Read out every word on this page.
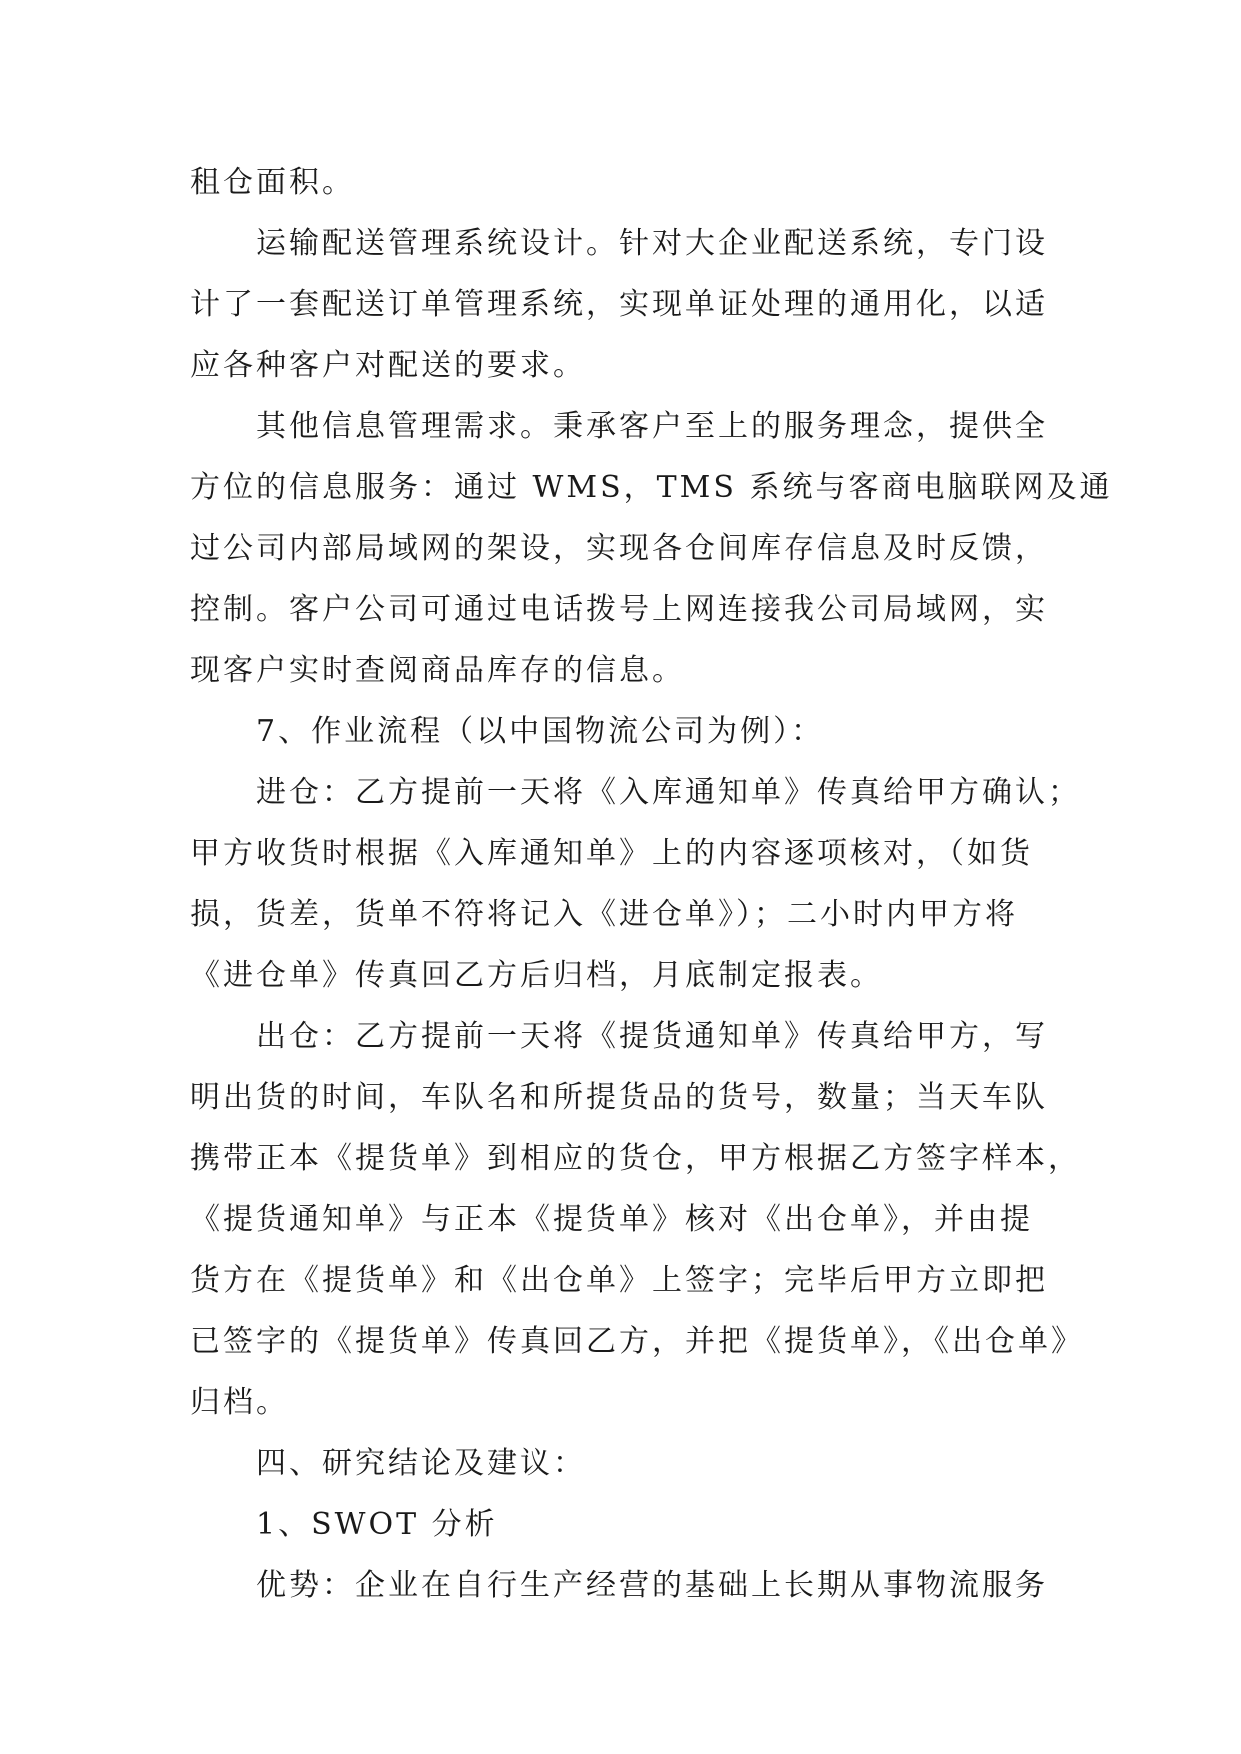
租仓面积。
运输配送管理系统设计。针对大企业配送系统，专门设
计了一套配送订单管理系统，实现单证处理的通用化，以适
应各种客户对配送的要求。
其他信息管理需求。秉承客户至上的服务理念，提供全
方位的信息服务：通过 WMS，TMS 系统与客商电脑联网及通
过公司内部局域网的架设，实现各仓间库存信息及时反馈，
控制。客户公司可通过电话拨号上网连接我公司局域网，实
现客户实时查阅商品库存的信息。
7、作业流程（以中国物流公司为例）：
进仓：乙方提前一天将《入库通知单》传真给甲方确认；
甲方收货时根据《入库通知单》上的内容逐项核对，（如货
损，货差，货单不符将记入《进仓单》）；二小时内甲方将
《进仓单》传真回乙方后归档，月底制定报表。
出仓：乙方提前一天将《提货通知单》传真给甲方，写
明出货的时间，车队名和所提货品的货号，数量；当天车队
携带正本《提货单》到相应的货仓，甲方根据乙方签字样本，
《提货通知单》与正本《提货单》核对《出仓单》，并由提
货方在《提货单》和《出仓单》上签字；完毕后甲方立即把
已签字的《提货单》传真回乙方，并把《提货单》，《出仓单》
归档。
四、研究结论及建议：
1、SWOT 分析
优势：企业在自行生产经营的基础上长期从事物流服务
